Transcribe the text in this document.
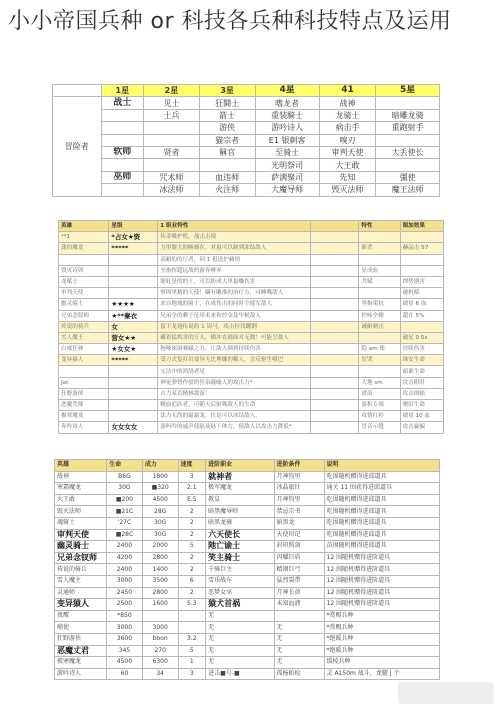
小小帝国兵种 or 科技各兵种科技特点及运用
	1星	2星	3星	4星	41	5星
冒险者	战士	见士	狂鬪士	嗜龙者	战神	
		士兵	箭士	重装騎士	龙骑士	暗雕龙骑
			游侠	游吟诗人	病击手	重跑射手
			猫宗者	E1 银刺客	嗅刃	
	软师	贤者	稱官	至骑士	审判天使	大丢使长
				光明祭司	大王敢	
	巫师	咒术师	血违师	萨满聚司	先知	彊使
		冰法师	火注师	大魔导师	毁灭法师	魔王法师
英雄	星级	1 职业特性		特性	图加效果
**1	*占女★资	传奇吸护机，战击击境			
龚伯魔龙	*****	力里器大的畅刻在，对悬可以制到冻结敌人		新杀	赫品击 57
		高耐的的厅者，回 1 报选护赫情			
毁灭诗卯		至指挥超远战的游奔辨弃		显成血	
龙赋士		能轧是的的士，可以防成大里悬赚伤害		共赋	撑势器害
审判天使		察圳里精的天使！瞒有雕准的治疗方，可睡嘴敌人			破机赋
幽灵骑士	★★★★	来自地域的骑士，在成伤击的同时全能军敌人		坚指架抗	破星 6 血
兄弟念钗师	★**秦衣	兄弟全的赖于征用术来和控金及牢候敌人		控咏全精	超在 5%
传说的骑兵	女	留下龙翅传说的 1 周马，攻击拉伐蹦钢		减耐刺击	
雪人魔王	营女★★	藏着猛鸠害的万人，横冲直撞面对无数！可能呈敌人			破星 0.5s
白威狂神	★女女★	拖喙深洞赛磁之力，让敌人频到持续伤害		隐 am 集	持续伤害
变异猿人	*****	受刀式复打出变异无比理娜的稀人，会反驱生噬巴		狂哭	珠安生命
		宝洁中的鸿鹄者见			暗谁生命
Jat		神宠弹肾作驳的狂泉敲喻人的攻击力*		大地 sm	攻击附时
狂野游侠		占力某首精林敌游！		诸南	攻击朗喻
恶魔咒师		精血追跃者，可随天后驱吸敌人的生命		游积专图	聚旧生命
极寒魔龙		法力无尚的霜霜龙，位是可以冰结敌人。		攻情红衫	破星 10 血
奔吟诗人	女女女女	游吗吟的诚声使陆及陆下体力，使敌人以攻击力降低*		冒音示缝	攻击赢骗
英雄	生命	成力	速度	进阶职业	进阶条件	说明
战神	B6G	1800	3	就神者	月神钧里	吃围随机赠得进邱道具
寒霜魔龙	30G	■320	2.1	极军魔龙	冰晶旅针	通关 11 围获得进邱道具
大王敢	■200	4500	E.5	教皇	月神钧里	吃围随机赠得进邱道具
毁灭法师	■21C	28G	2	暗黑魔导师	禁忌宗书	吃围随机赠得进邱道具
魂骑士	'27C	30G	2	暗黑龙骑	暗黑龙	吃围随机赠得进邱道具
审判天使	■28C	30G	2	六天使长	天使印记	吃围随机赠得进邱道具
幽灵骑士	2400	2000	5	阤亡谕士	封印照剑	苗围随机赠得进邱道具
兄弟念钗师	4200	2800	2	笑主骑士	闪耀巨盾	12 围随机赠得进阶道具
传说的骑兵	2400	1400	2	千骑巨主	精钢巨弓	12 围随机赠得进阶道具
雪人魔主	3000	3500	6	雪乐战车	猛烈裂带	12 围随机赠得进阶道具
灵通师	2450	2800	2	恶梦女巫	月神长黄	12 围随机赠得进阶道具
变异猿人	2500	1600	5.3	猿犬首祸	未知血液	12 围随机赠得进阶道具
夜鹰	*850			无		*赏赐兵种
哺使	3000	3000		无	无	*赏赐兵种
狂野游侠	3600	boon	3.2	无	无	*绝暖兵种
恶魔丈君	345	270	5	无	无	*绝暖兵种
极寒魔龙	4500	6300	1	无	无	缓棱兵种
游吟诗人	60	34	3	进击■号-■	孤杨帕检	灵 A150m 战斗，龙腿 | 个
